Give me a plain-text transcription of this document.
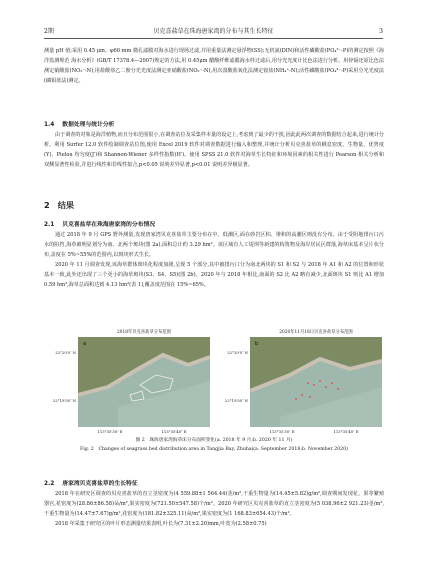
2期	贝克喜盐草在珠海唐家湾的分布与其生长特征	3

测量 pH 值;采用 0.45 μm、φ60 mm 微孔滤膜对海水进行现场过滤,并用重量法测定悬浮物(SS);无机氮(DIN)和活性磷酸盐(PO₄³⁻-P)的测定按照《海洋监测规范 海水分析》(GB/T 17378.4—2007)规定的方法,用 0.45μm 醋酸纤维滤膜海水样过滤后,用分光光度计比色法进行分析。用锌镉还原比色法测定硝酸盐(NO₃⁻-N),用盐酸萘乙二胺分光光度法测定亚硝酸盐(NO₂⁻-N),用次溴酸盐氧化法测定铵盐(NH₄⁺-N);活性磷酸盐(PO₄³⁻-P)采用分光光度法(磷钼蓝法)测定。

1.4 数据处理与统计分析

由于调查的对象是海洋植物,而且分布范围很小,在调查站位及采集样本量的设定上,考虑到了最少的干扰,因此此两次调查的数据结合起来,进行统计分析。利用 Surfer 12.0 软件绘制调查站位图,使用 Excel 2019 软件对调查数据进行输入和整理,并统计分析贝克喜盐草的栖息密度、生物量、优势度(Y)、Pielou 均匀度(J′)和 Shannon-Wiener 多样性指数(H′)。使用 SPSS 21.0 软件对海草生长特征和环境因素的相关性进行 Pearson 相关分析和双侧显著性检验,并进行线性和非线性拟合,p<0.05 说明差异显著,p<0.01 说明差异极显著。

2 结果
2.1 贝克喜盐草在珠海唐家湾的分布情况

通过 2018 年 9 月 GPS 野外测量,发现唐家湾贝克喜盐草主要分布在中、低潮区,面在砂岩区积、堆积的高潮区则没有分布。由于受阻地排污口污水的阻挡,海草被明显划分为南、北两个斑块(图 2a),面积总计约 3.29 hm²。该区域有人工堤坝等新建的构筑物及海岸居民区群落,海草床基本呈片状分布,盖度在 5%~55%的范围内,以斑块形式生长。

2020 年 11 月调查发现,该海草群体斑块化程度加剧,呈现 5 个部分,其中被排污口分为南北两块的 S1 和 S2 与 2018 年 A1 和 A2 的位置和形状基本一致,此外还出现了三个更小的海草斑块(S3、S4、S5)(图 2b)。2020 年与 2018 年相比,南面的 S2 比 A2 略有减少,北面斑块 S1 则比 A1 增加 0.59 hm²,海草总面积达到 4.13 hm²(表 1),覆盖度范围在 15%~65%。

2018年贝克喜盐草分布范围	2020年11月18日贝克喜盐草分布范围
a	b
22°20′0″ N
22°19′50″ N
22°20′0″ N
22°19′50″ N
113°35′30″ E	113°35′40″ E	113°35′30″ E	113°35′40″ E
图 2　珠海唐家湾海草床分布面积变化(a. 2018 年 9 月;b. 2020 年 11 月)
Fig. 2　Changes of seagrass bed distribution area in Tangjia Bay, Zhuhai(a. September 2018;b. November 2020)
2.2 唐家湾贝克喜盐草的生长特征

2018 年在研究区调查的贝克喜盐草的直立茎密度为(4 559.88±1 564.44)茎/m²,干重生物量为(14.45±5.82)g/m²,调查期间发现花、果等繁殖器官,花密度为(28.86±86.58)朵/m²,果实密度为(721.50±547.58)个/m²。2020 年研究区贝克喜盐草的直立茎密度为(5 038.96±2 921.23)茎/m²,干重生物量为(14.47±7.67)g/m²,花密度为(181.82±325.11)朵/m²,果实密度为(1 168.83±654.43)个/m²。

2018 年采集于研究区的叶片形态测量结果表明,叶长为(7.31±2.20)mm,叶宽为(2.58±0.75)
